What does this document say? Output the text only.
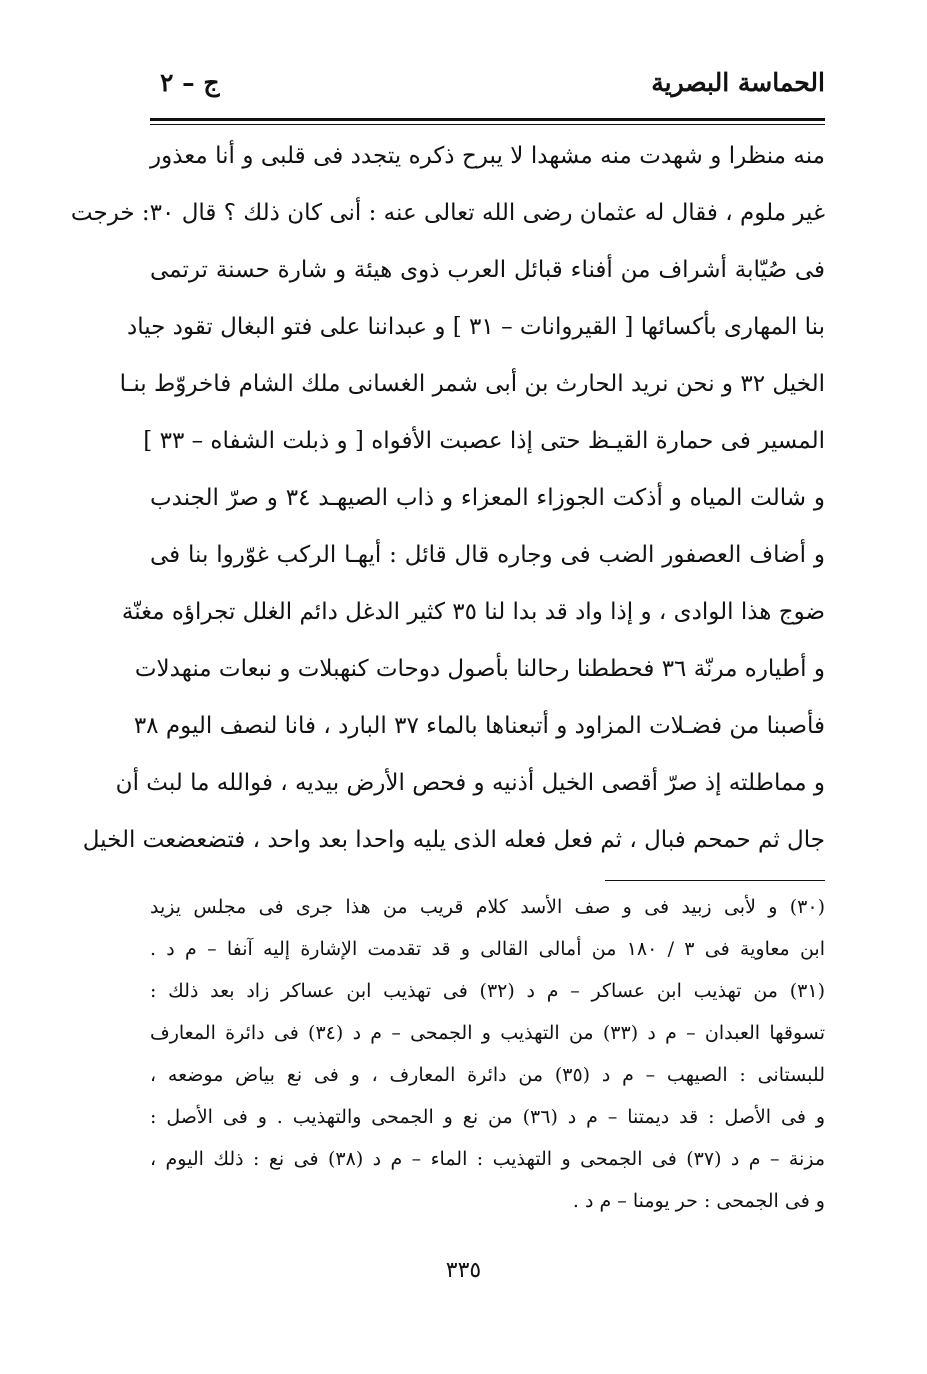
الحماسة البصرية
ج – ٢
منه منظرا و شهدت منه مشهدا لا يبرح ذكره يتجدد فى قلبى و أنا معذور
غير ملوم ، فقال له عثمان رضى الله تعالى عنه : أنى كان ذلك ؟ قال ٣٠: خرجت
فى صُيّابة أشراف من أفناء قبائل العرب ذوى هيئة و شارة حسنة ترتمى
بنا المهارى بأكسائها [ القيروانات – ٣١ ] و عبداننا على فتو البغال تقود جياد
الخيل ٣٢ و نحن نريد الحارث بن أبى شمر الغسانى ملك الشام فاخروّط بنـا
المسير فى حمارة القيـظ حتى إذا عصبت الأفواه [ و ذبلت الشفاه – ٣٣ ]
و شالت المياه و أذكت الجوزاء المعزاء و ذاب الصيهـد ٣٤ و صرّ الجندب
و أضاف العصفور الضب فى وجاره قال قائل : أيهـا الركب غوّروا بنا فى
ضوج هذا الوادى ، و إذا واد قد بدا لنا ٣٥ كثير الدغل دائم الغلل تجراؤه مغنّة
و أطياره مرنّة ٣٦ فحططنا رحالنا بأصول دوحات كنهبلات و نبعات منهدلات
فأصبنا من فضـلات المزاود و أتبعناها بالماء ٣٧ البارد ، فانا لنصف اليوم ٣٨
و مماطلته إذ صرّ أقصى الخيل أذنيه و فحص الأرض بيديه ، فوالله ما لبث أن
جال ثم حمحم فبال ، ثم فعل فعله الذى يليه واحدا بعد واحد ، فتضعضعت الخيل
(٣٠) و لأبى زبيد فى و صف الأسد كلام قريب من هذا جرى فى مجلس يزيد
ابن معاوية فى ٣ / ١٨٠ من أمالى القالى و قد تقدمت الإشارة إليه آنفا – م د .
(٣١) من تهذيب ابن عساكر – م د (٣٢) فى تهذيب ابن عساكر زاد بعد ذلك :
تسوقها العبدان – م د (٣٣) من التهذيب و الجمحى – م د (٣٤) فى دائرة المعارف
للبستانى : الصيهب – م د (٣٥) من دائرة المعارف ، و فى نع بياض موضعه ،
و فى الأصل : قد ديمتنا – م د (٣٦) من نع و الجمحى والتهذيب . و فى الأصل :
مزنة – م د (٣٧) فى الجمحى و التهذيب : الماء – م د (٣٨) فى نع : ذلك اليوم ،
و فى الجمحى : حر يومنا – م د .
٣٣٥
